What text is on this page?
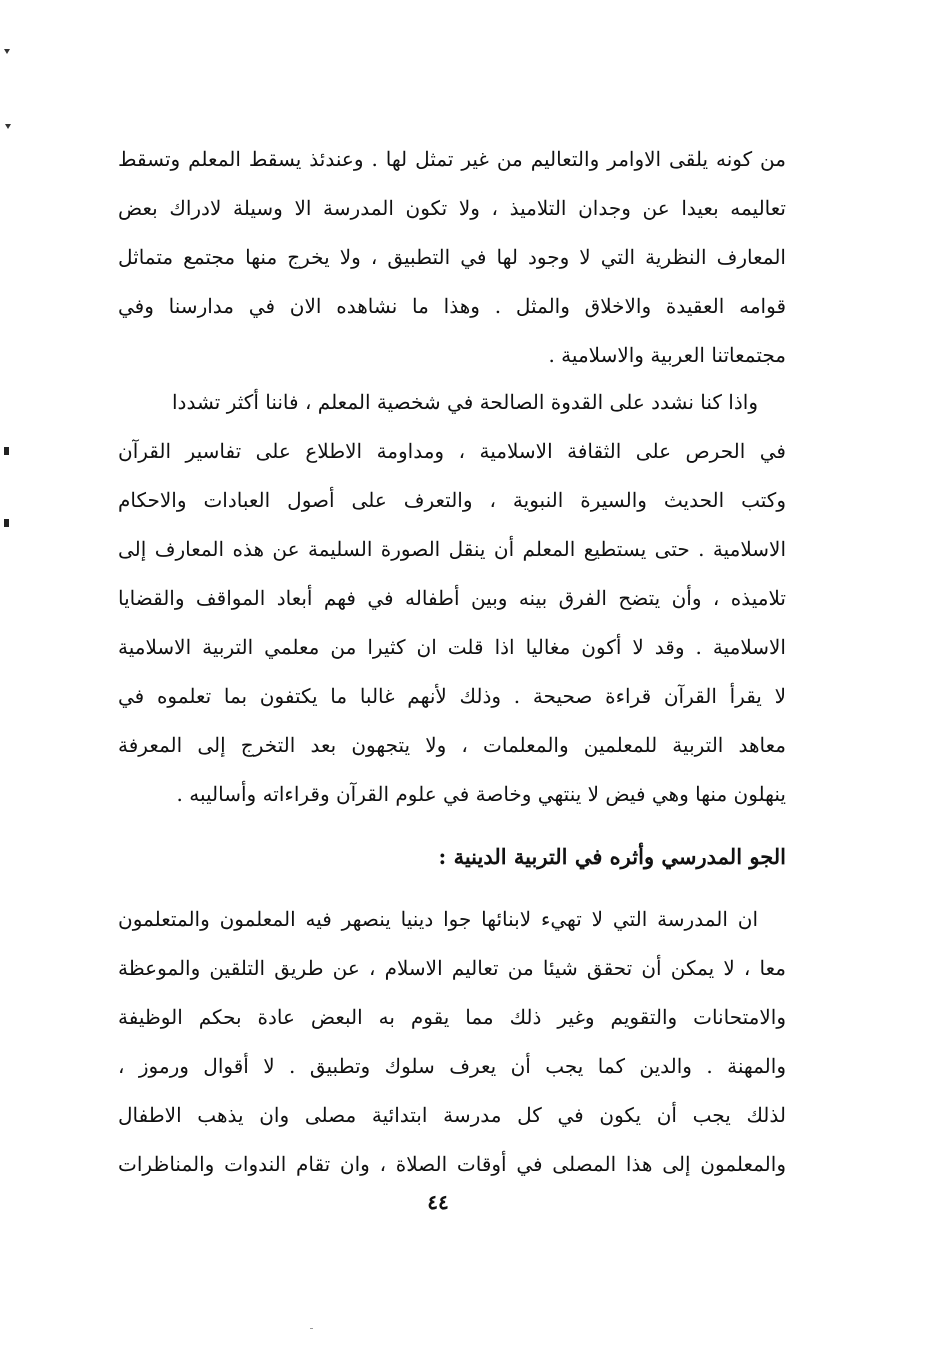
من كونه يلقى الاوامر والتعاليم من غير تمثل لها . وعندئذ يسقط المعلم وتسقط
تعاليمه بعيدا عن وجدان التلاميذ ، ولا تكون المدرسة الا وسيلة لادراك بعض
المعارف النظرية التي لا وجود لها في التطبيق ، ولا يخرج منها مجتمع متماثل
قوامه العقيدة والاخلاق والمثل . وهذا ما نشاهده الان في مدارسنا وفي
مجتمعاتنا العربية والاسلامية .
واذا كنا نشدد على القدوة الصالحة في شخصية المعلم ، فاننا أكثر تشددا
في الحرص على الثقافة الاسلامية ، ومداومة الاطلاع على تفاسير القرآن
وكتب الحديث والسيرة النبوية ، والتعرف على أصول العبادات والاحكام
الاسلامية . حتى يستطيع المعلم أن ينقل الصورة السليمة عن هذه المعارف إلى
تلاميذه ، وأن يتضح الفرق بينه وبين أطفاله في فهم أبعاد المواقف والقضايا
الاسلامية . وقد لا أكون مغاليا اذا قلت ان كثيرا من معلمي التربية الاسلامية
لا يقرأ القرآن قراءة صحيحة . وذلك لأنهم غالبا ما يكتفون بما تعلموه في
معاهد التربية للمعلمين والمعلمات ، ولا يتجهون بعد التخرج إلى المعرفة
ينهلون منها وهي فيض لا ينتهي وخاصة في علوم القرآن وقراءاته وأساليبه .
الجو المدرسي وأثره في التربية الدينية :
ان المدرسة التي لا تهيء لابنائها جوا دينيا ينصهر فيه المعلمون والمتعلمون
معا ، لا يمكن أن تحقق شيئا من تعاليم الاسلام ، عن طريق التلقين والموعظة
والامتحانات والتقويم وغير ذلك مما يقوم به البعض عادة بحكم الوظيفة
والمهنة . والدين كما يجب أن يعرف سلوك وتطبيق . لا أقوال ورموز ،
لذلك يجب أن يكون في كل مدرسة ابتدائية مصلى وان يذهب الاطفال
والمعلمون إلى هذا المصلى في أوقات الصلاة ، وان تقام الندوات والمناظرات
٤٤
